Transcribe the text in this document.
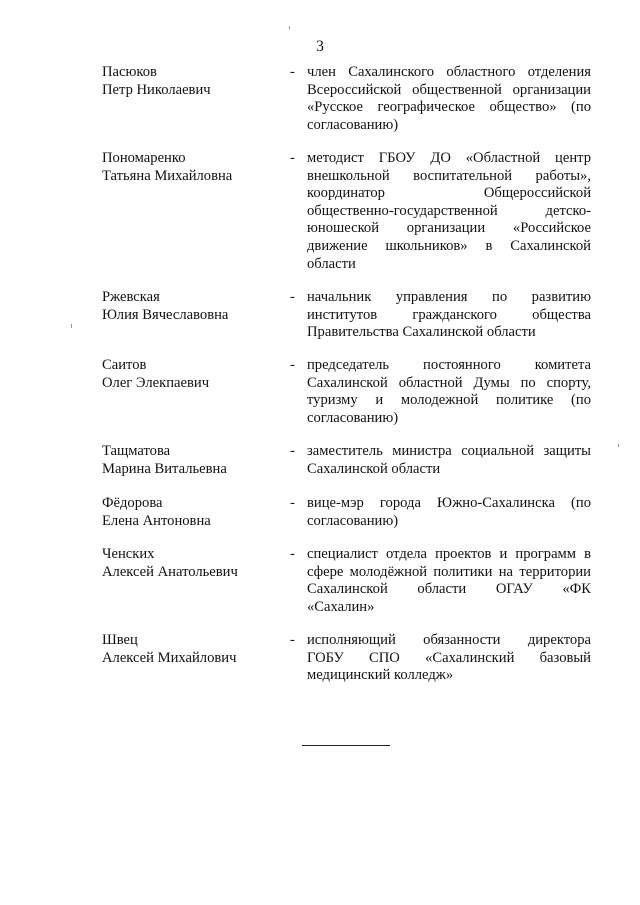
3
Пасюков
Петр Николаевич
- член Сахалинского областного отделения
Всероссийской общественной организации
«Русское географическое общество» (по
согласованию)
Пономаренко
Татьяна Михайловна
- методист ГБОУ ДО «Областной центр
внешкольной воспитательной работы»,
координатор Общероссийской
общественно-государственной детско-
юношеской организации «Российское
движение школьников» в Сахалинской
области
Ржевская
Юлия Вячеславовна
- начальник управления по развитию
институтов гражданского общества
Правительства Сахалинской области
Саитов
Олег Элекпаевич
- председатель постоянного комитета
Сахалинской областной Думы по спорту,
туризму и молодежной политике (по
согласованию)
Тащматова
Марина Витальевна
- заместитель министра социальной защиты
Сахалинской области
Фёдорова
Елена Антоновна
- вице-мэр города Южно-Сахалинска (по
согласованию)
Ченских
Алексей Анатольевич
- специалист отдела проектов и программ в
сфере молодёжной политики на территории
Сахалинской области ОГАУ «ФК
«Сахалин»
Швец
Алексей Михайлович
- исполняющий обязанности директора
ГОБУ СПО «Сахалинский базовый
медицинский колледж»
